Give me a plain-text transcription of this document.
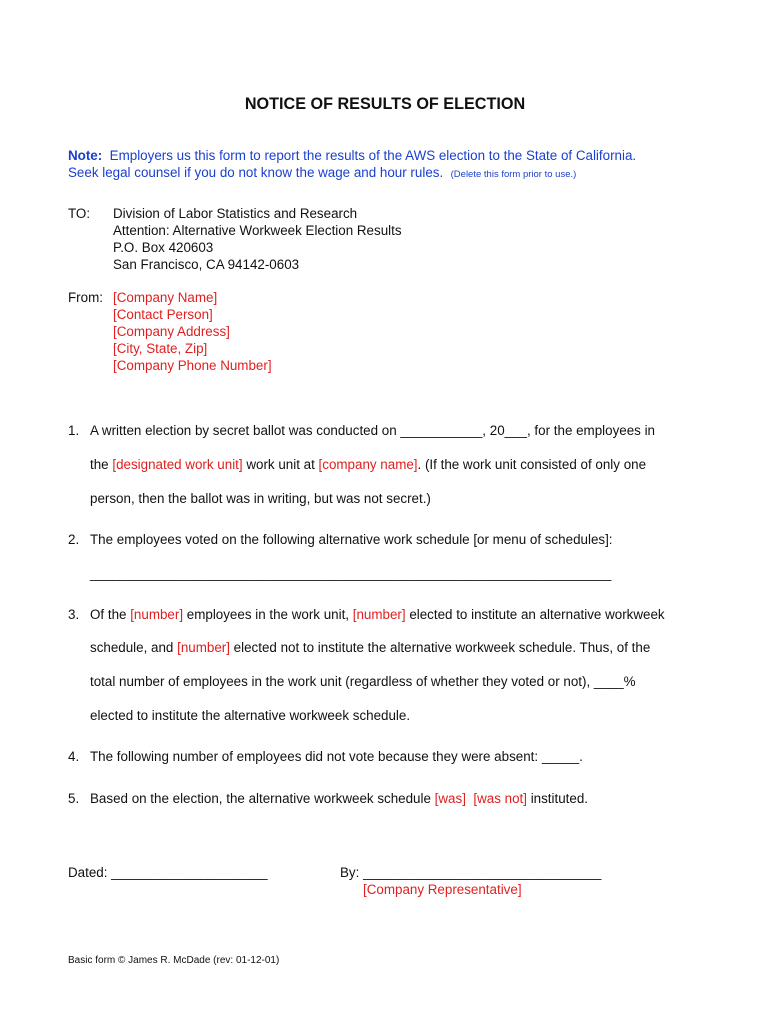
NOTICE OF RESULTS OF ELECTION
Note: Employers us this form to report the results of the AWS election to the State of California.
Seek legal counsel if you do not know the wage and hour rules. (Delete this form prior to use.)
TO: Division of Labor Statistics and Research
Attention: Alternative Workweek Election Results
P.O. Box 420603
San Francisco, CA 94142-0603
From: [Company Name]
[Contact Person]
[Company Address]
[City, State, Zip]
[Company Phone Number]
1. A written election by secret ballot was conducted on ___________, 20___, for the employees in
the [designated work unit] work unit at [company name]. (If the work unit consisted of only one
person, then the ballot was in writing, but was not secret.)
2. The employees voted on the following alternative work schedule [or menu of schedules]:
______________________________________________________________________
3. Of the [number] employees in the work unit, [number] elected to institute an alternative workweek
schedule, and [number] elected not to institute the alternative workweek schedule. Thus, of the
total number of employees in the work unit (regardless of whether they voted or not), ____%
elected to institute the alternative workweek schedule.
4. The following number of employees did not vote because they were absent: _____.
5. Based on the election, the alternative workweek schedule [was] [was not] instituted.
Dated: _____________________	By: ________________________________
[Company Representative]
Basic form © James R. McDade (rev: 01-12-01)
